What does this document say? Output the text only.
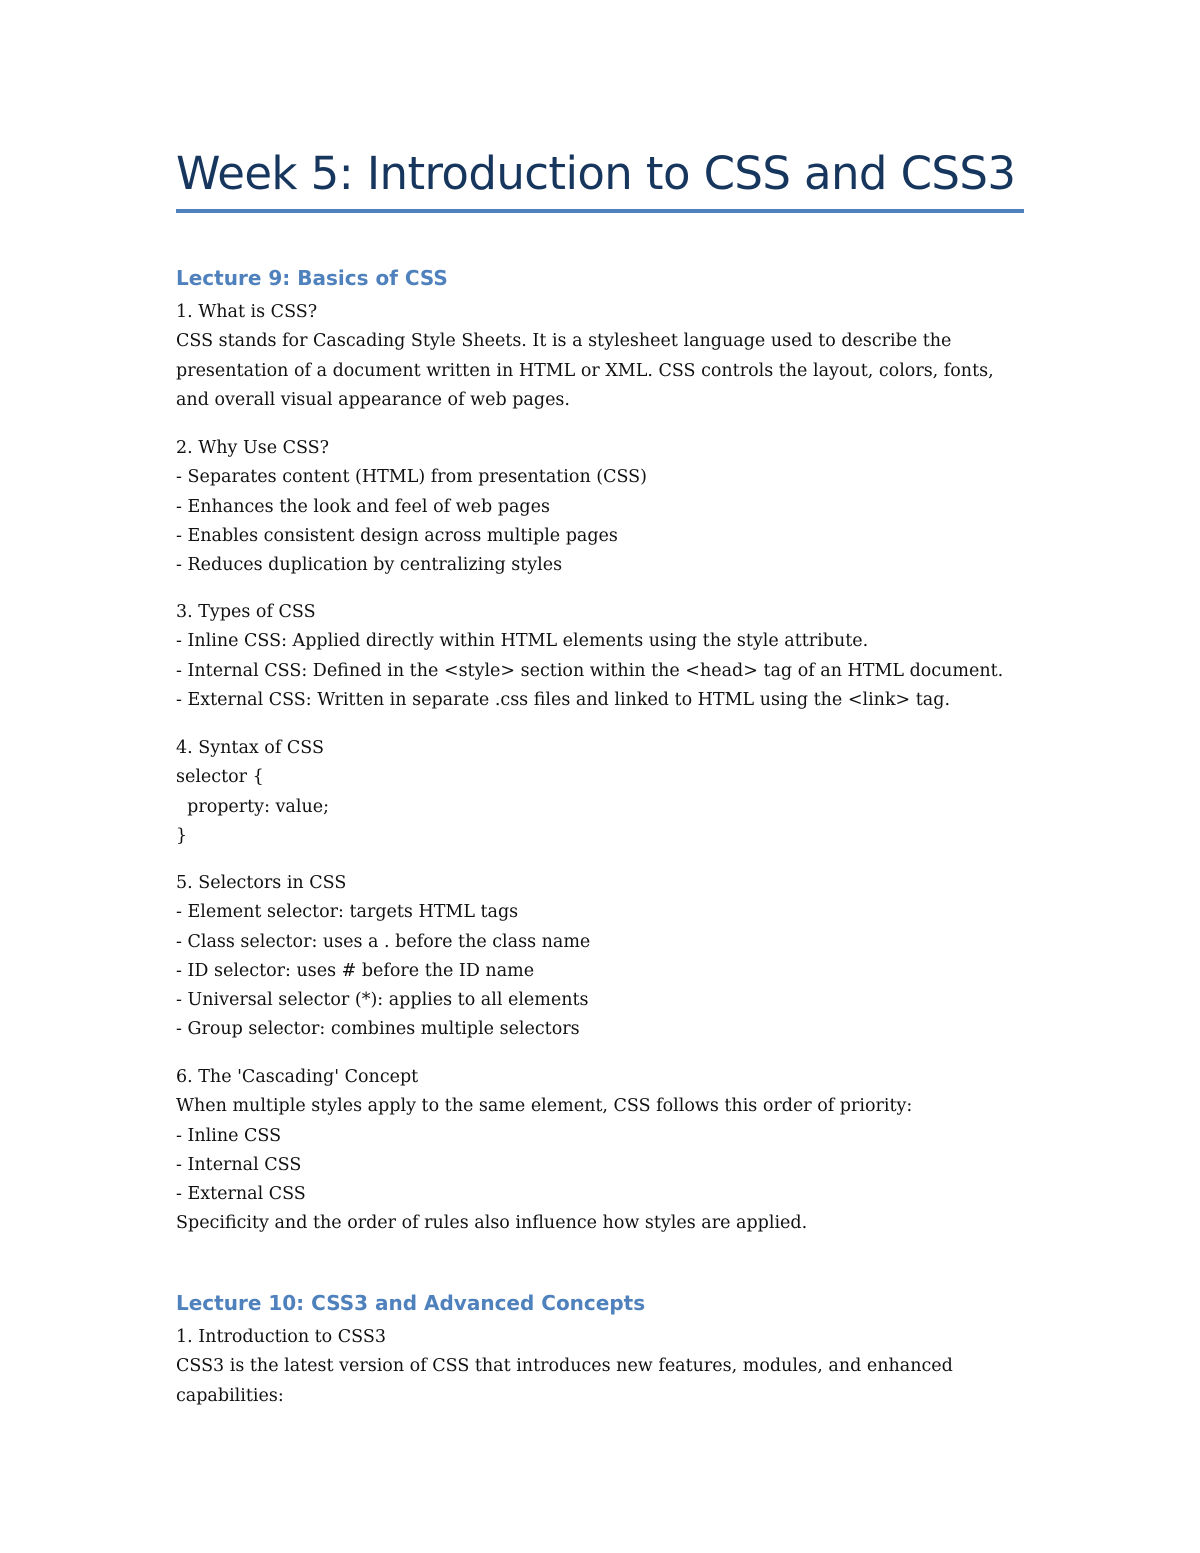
Week 5: Introduction to CSS and CSS3
Lecture 9: Basics of CSS
1. What is CSS?
CSS stands for Cascading Style Sheets. It is a stylesheet language used to describe the
presentation of a document written in HTML or XML. CSS controls the layout, colors, fonts,
and overall visual appearance of web pages.
2. Why Use CSS?
- Separates content (HTML) from presentation (CSS)
- Enhances the look and feel of web pages
- Enables consistent design across multiple pages
- Reduces duplication by centralizing styles
3. Types of CSS
- Inline CSS: Applied directly within HTML elements using the style attribute.
- Internal CSS: Defined in the <style> section within the <head> tag of an HTML document.
- External CSS: Written in separate .css files and linked to HTML using the <link> tag.
4. Syntax of CSS
selector {
property: value;
}
5. Selectors in CSS
- Element selector: targets HTML tags
- Class selector: uses a . before the class name
- ID selector: uses # before the ID name
- Universal selector (*): applies to all elements
- Group selector: combines multiple selectors
6. The 'Cascading' Concept
When multiple styles apply to the same element, CSS follows this order of priority:
- Inline CSS
- Internal CSS
- External CSS
Specificity and the order of rules also influence how styles are applied.
Lecture 10: CSS3 and Advanced Concepts
1. Introduction to CSS3
CSS3 is the latest version of CSS that introduces new features, modules, and enhanced
capabilities:
